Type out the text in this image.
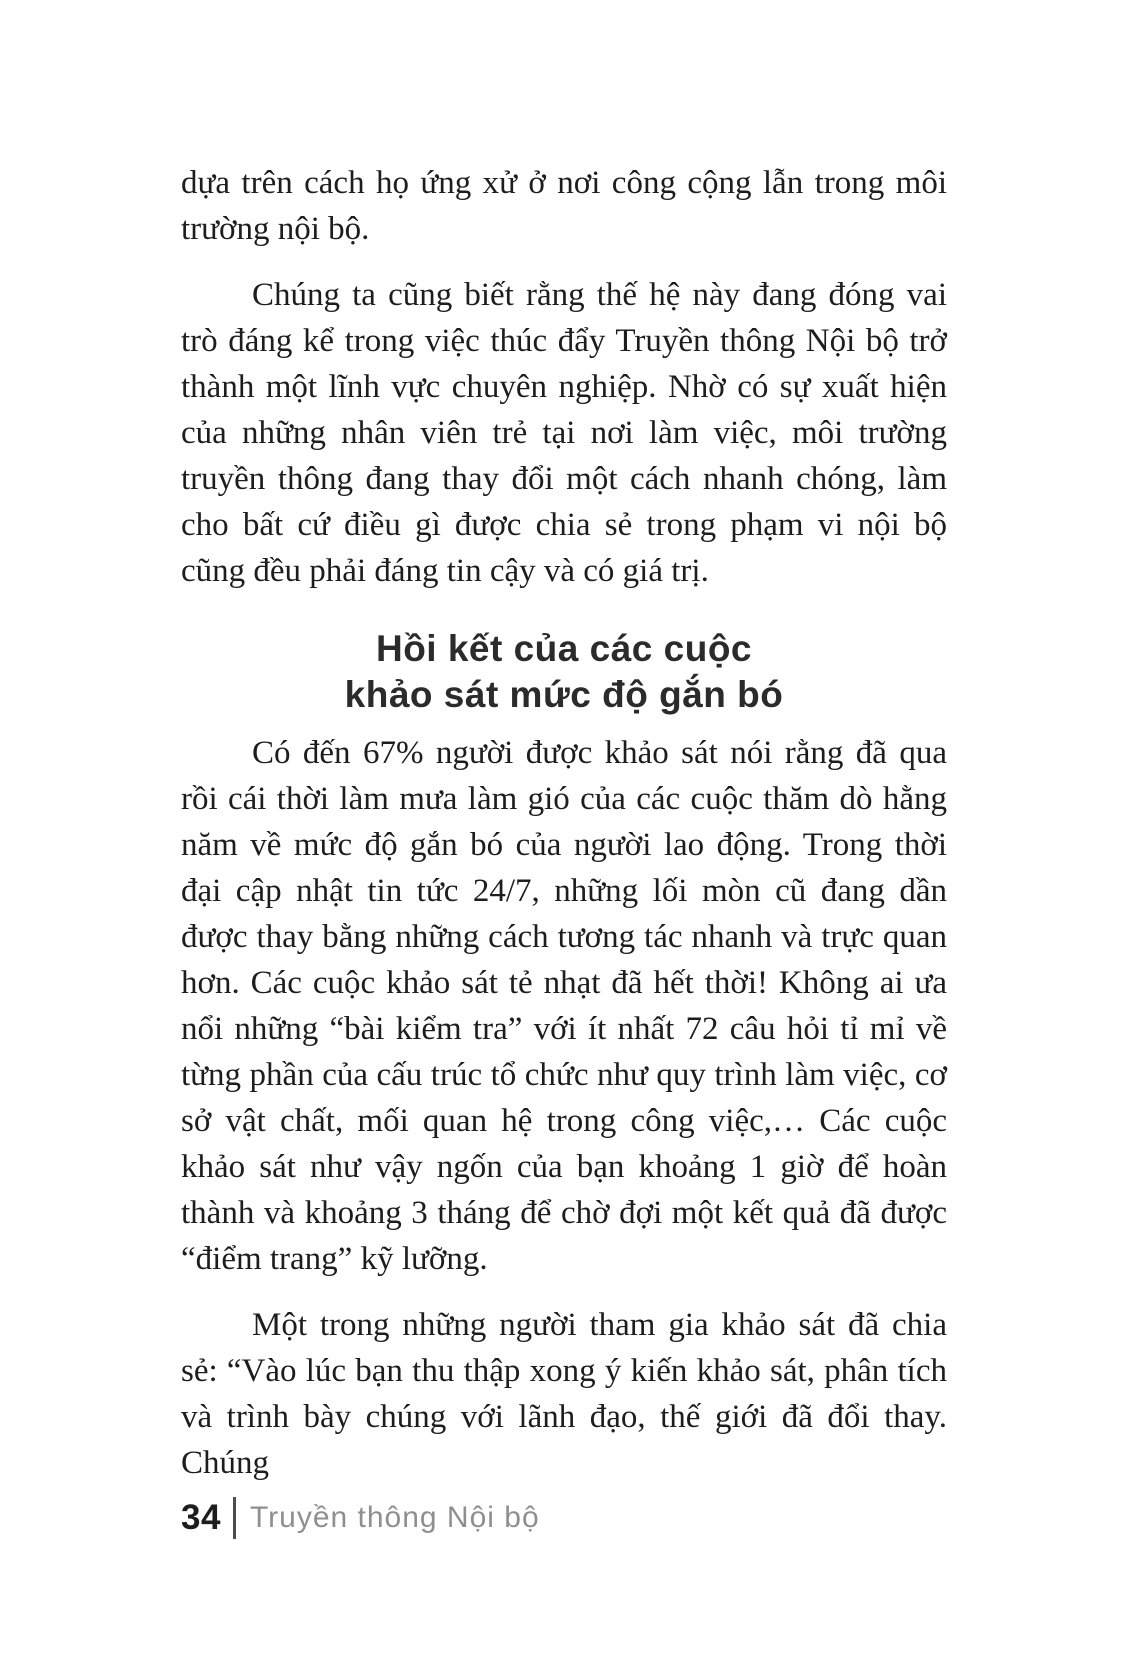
dựa trên cách họ ứng xử ở nơi công cộng lẫn trong môi trường nội bộ.

Chúng ta cũng biết rằng thế hệ này đang đóng vai trò đáng kể trong việc thúc đẩy Truyền thông Nội bộ trở thành một lĩnh vực chuyên nghiệp. Nhờ có sự xuất hiện của những nhân viên trẻ tại nơi làm việc, môi trường truyền thông đang thay đổi một cách nhanh chóng, làm cho bất cứ điều gì được chia sẻ trong phạm vi nội bộ cũng đều phải đáng tin cậy và có giá trị.

Hồi kết của các cuộc
khảo sát mức độ gắn bó

Có đến 67% người được khảo sát nói rằng đã qua rồi cái thời làm mưa làm gió của các cuộc thăm dò hằng năm về mức độ gắn bó của người lao động. Trong thời đại cập nhật tin tức 24/7, những lối mòn cũ đang dần được thay bằng những cách tương tác nhanh và trực quan hơn. Các cuộc khảo sát tẻ nhạt đã hết thời! Không ai ưa nổi những “bài kiểm tra” với ít nhất 72 câu hỏi tỉ mỉ về từng phần của cấu trúc tổ chức như quy trình làm việc, cơ sở vật chất, mối quan hệ trong công việc,… Các cuộc khảo sát như vậy ngốn của bạn khoảng 1 giờ để hoàn thành và khoảng 3 tháng để chờ đợi một kết quả đã được “điểm trang” kỹ lưỡng.

Một trong những người tham gia khảo sát đã chia sẻ: “Vào lúc bạn thu thập xong ý kiến khảo sát, phân tích và trình bày chúng với lãnh đạo, thế giới đã đổi thay. Chúng

34 Truyền thông Nội bộ
